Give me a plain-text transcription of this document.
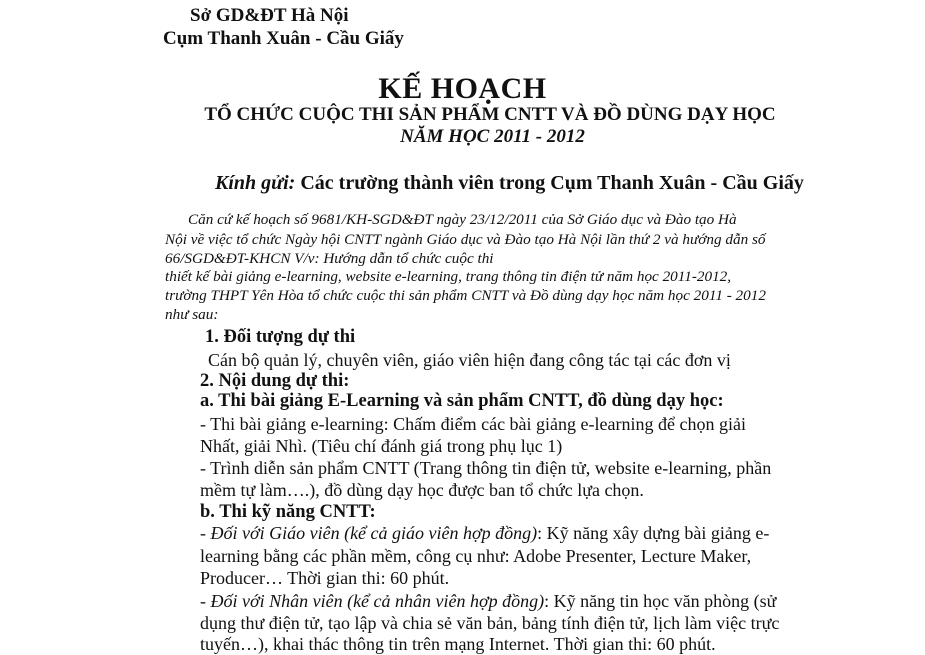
Sở GD&ĐT Hà Nội
Cụm Thanh Xuân - Cầu Giấy
KẾ HOẠCH
TỔ CHỨC CUỘC THI SẢN PHẨM CNTT VÀ ĐỒ DÙNG DẠY HỌC
NĂM HỌC 2011 - 2012
Kính gửi: Các trường thành viên trong Cụm Thanh Xuân - Cầu Giấy
Căn cứ kế hoạch số 9681/KH-SGD&ĐT ngày 23/12/2011 của Sở Giáo dục và Đào tạo Hà
Nội về việc tổ chức Ngày hội CNTT ngành Giáo dục và Đào tạo Hà Nội lần thứ 2 và hướng dẫn số
66/SGD&ĐT-KHCN V/v: Hướng dẫn tổ chức cuộc thi
thiết kế bài giảng e-learning, website e-learning, trang thông tin điện tử năm học 2011-2012,
trường THPT Yên Hòa tổ chức cuộc thi sản phẩm CNTT và Đồ dùng dạy học năm học 2011 - 2012
như sau:
1. Đối tượng dự thi
Cán bộ quản lý, chuyên viên, giáo viên hiện đang công tác tại các đơn vị
2. Nội dung dự thi:
a. Thi bài giảng E-Learning và sản phẩm CNTT, đồ dùng dạy học:
- Thi bài giảng e-learning: Chấm điểm các bài giảng e-learning để chọn giải
Nhất, giải Nhì. (Tiêu chí đánh giá trong phụ lục 1)
- Trình diễn sản phẩm CNTT (Trang thông tin điện tử, website e-learning, phần
mềm tự làm….), đồ dùng dạy học được ban tổ chức lựa chọn.
b. Thi kỹ năng CNTT:
- Đối với Giáo viên (kể cả giáo viên hợp đồng): Kỹ năng xây dựng bài giảng e-
learning bằng các phần mềm, công cụ như: Adobe Presenter, Lecture Maker,
Producer… Thời gian thi: 60 phút.
- Đối với Nhân viên (kể cả nhân viên hợp đồng): Kỹ năng tin học văn phòng (sử
dụng thư điện tử, tạo lập và chia sẻ văn bản, bảng tính điện tử, lịch làm việc trực
tuyến…), khai thác thông tin trên mạng Internet. Thời gian thi: 60 phút.
